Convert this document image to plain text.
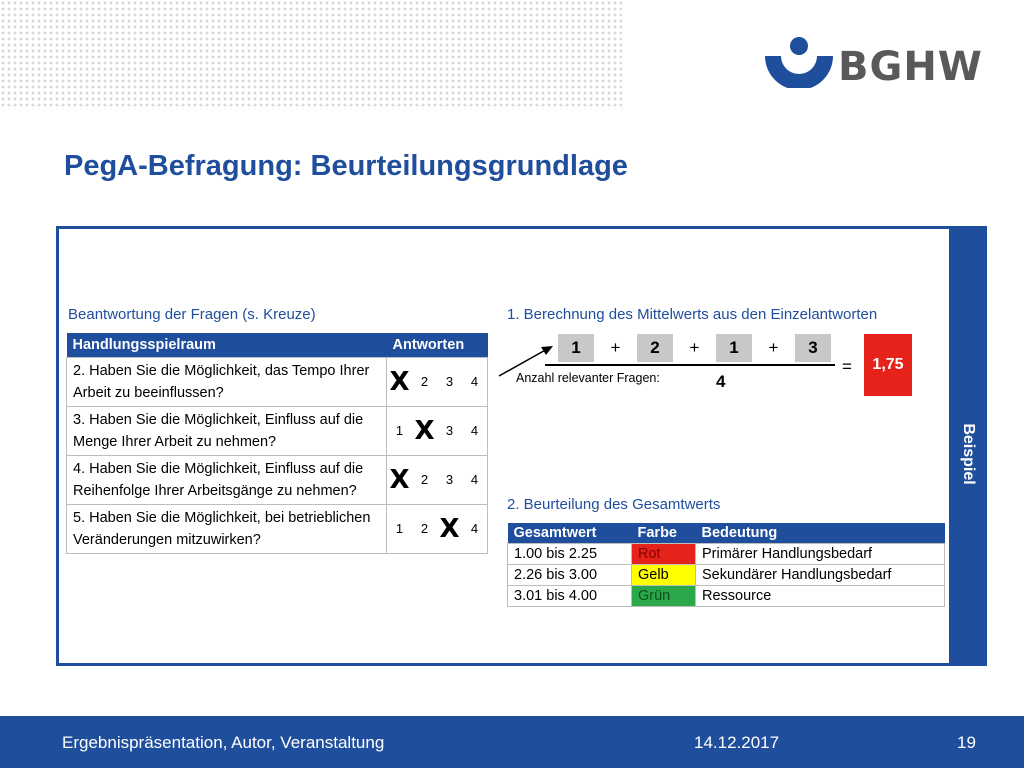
BGHW
PegA-Befragung: Beurteilungsgrundlage
Beispiel
Beantwortung der Fragen (s. Kreuze)
Handlungsspielraum	Antworten
2. Haben Sie die Möglichkeit, das Tempo Ihrer Arbeit zu beeinflussen?	X 2 3 4

3. Haben Sie die Möglichkeit, Einfluss auf die Menge Ihrer Arbeit zu nehmen?	1 X 3 4

4. Haben Sie die Möglichkeit, Einfluss auf die Reihenfolge Ihrer Arbeitsgänge zu nehmen?	X 2 3 4

5. Haben Sie die Möglichkeit, bei betrieblichen Veränderungen mitzuwirken?	1 2 X 4
1. Berechnung des Mittelwerts aus den Einzelantworten
1	+	2	+	1	+	3
Anzahl relevanter Fragen:	4
=	1,75
2. Beurteilung des Gesamtwerts
Gesamtwert	Farbe	Bedeutung
1.00 bis 2.25	Rot	Primärer Handlungsbedarf
2.26 bis 3.00	Gelb	Sekundärer Handlungsbedarf
3.01 bis 4.00	Grün	Ressource
Ergebnispräsentation, Autor, Veranstaltung	14.12.2017	19
